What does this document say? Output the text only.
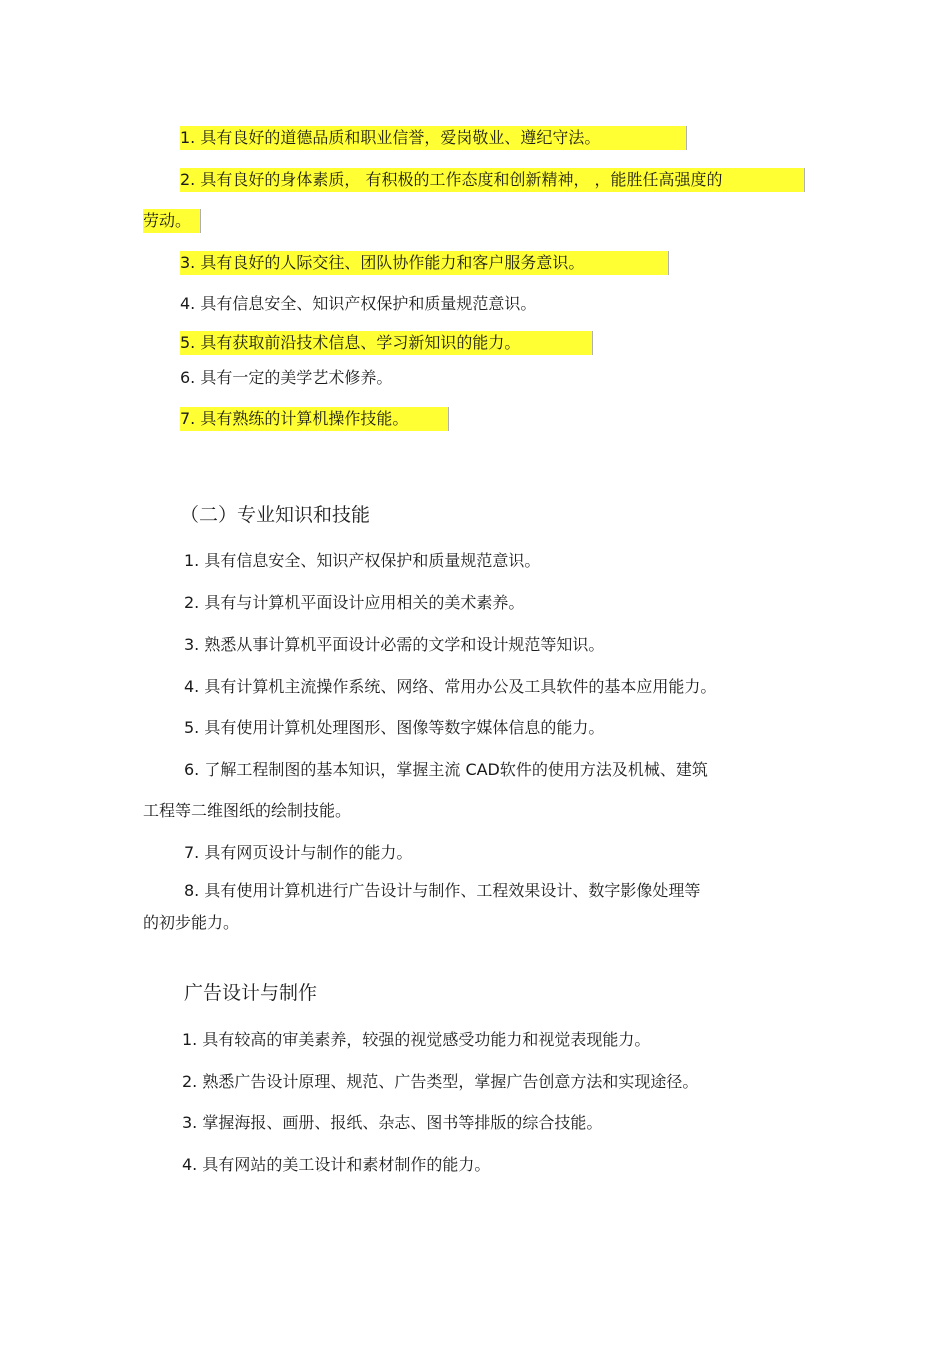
1. 具有良好的道德品质和职业信誉，爱岗敬业、遵纪守法。
2. 具有良好的身体素质， 有积极的工作态度和创新精神， ，能胜任高强度的
劳动。
3. 具有良好的人际交往、团队协作能力和客户服务意识。
4. 具有信息安全、知识产权保护和质量规范意识。
5. 具有获取前沿技术信息、学习新知识的能力。
6. 具有一定的美学艺术修养。
7. 具有熟练的计算机操作技能。
（二）专业知识和技能
1. 具有信息安全、知识产权保护和质量规范意识。
2. 具有与计算机平面设计应用相关的美术素养。
3. 熟悉从事计算机平面设计必需的文学和设计规范等知识。
4. 具有计算机主流操作系统、网络、常用办公及工具软件的基本应用能力。
5. 具有使用计算机处理图形、图像等数字媒体信息的能力。
6. 了解工程制图的基本知识，掌握主流 CAD软件的使用方法及机械、建筑
工程等二维图纸的绘制技能。
7. 具有网页设计与制作的能力。
8. 具有使用计算机进行广告设计与制作、工程效果设计、数字影像处理等
的初步能力。
广告设计与制作
1. 具有较高的审美素养，较强的视觉感受功能力和视觉表现能力。
2. 熟悉广告设计原理、规范、广告类型，掌握广告创意方法和实现途径。
3. 掌握海报、画册、报纸、杂志、图书等排版的综合技能。
4. 具有网站的美工设计和素材制作的能力。
